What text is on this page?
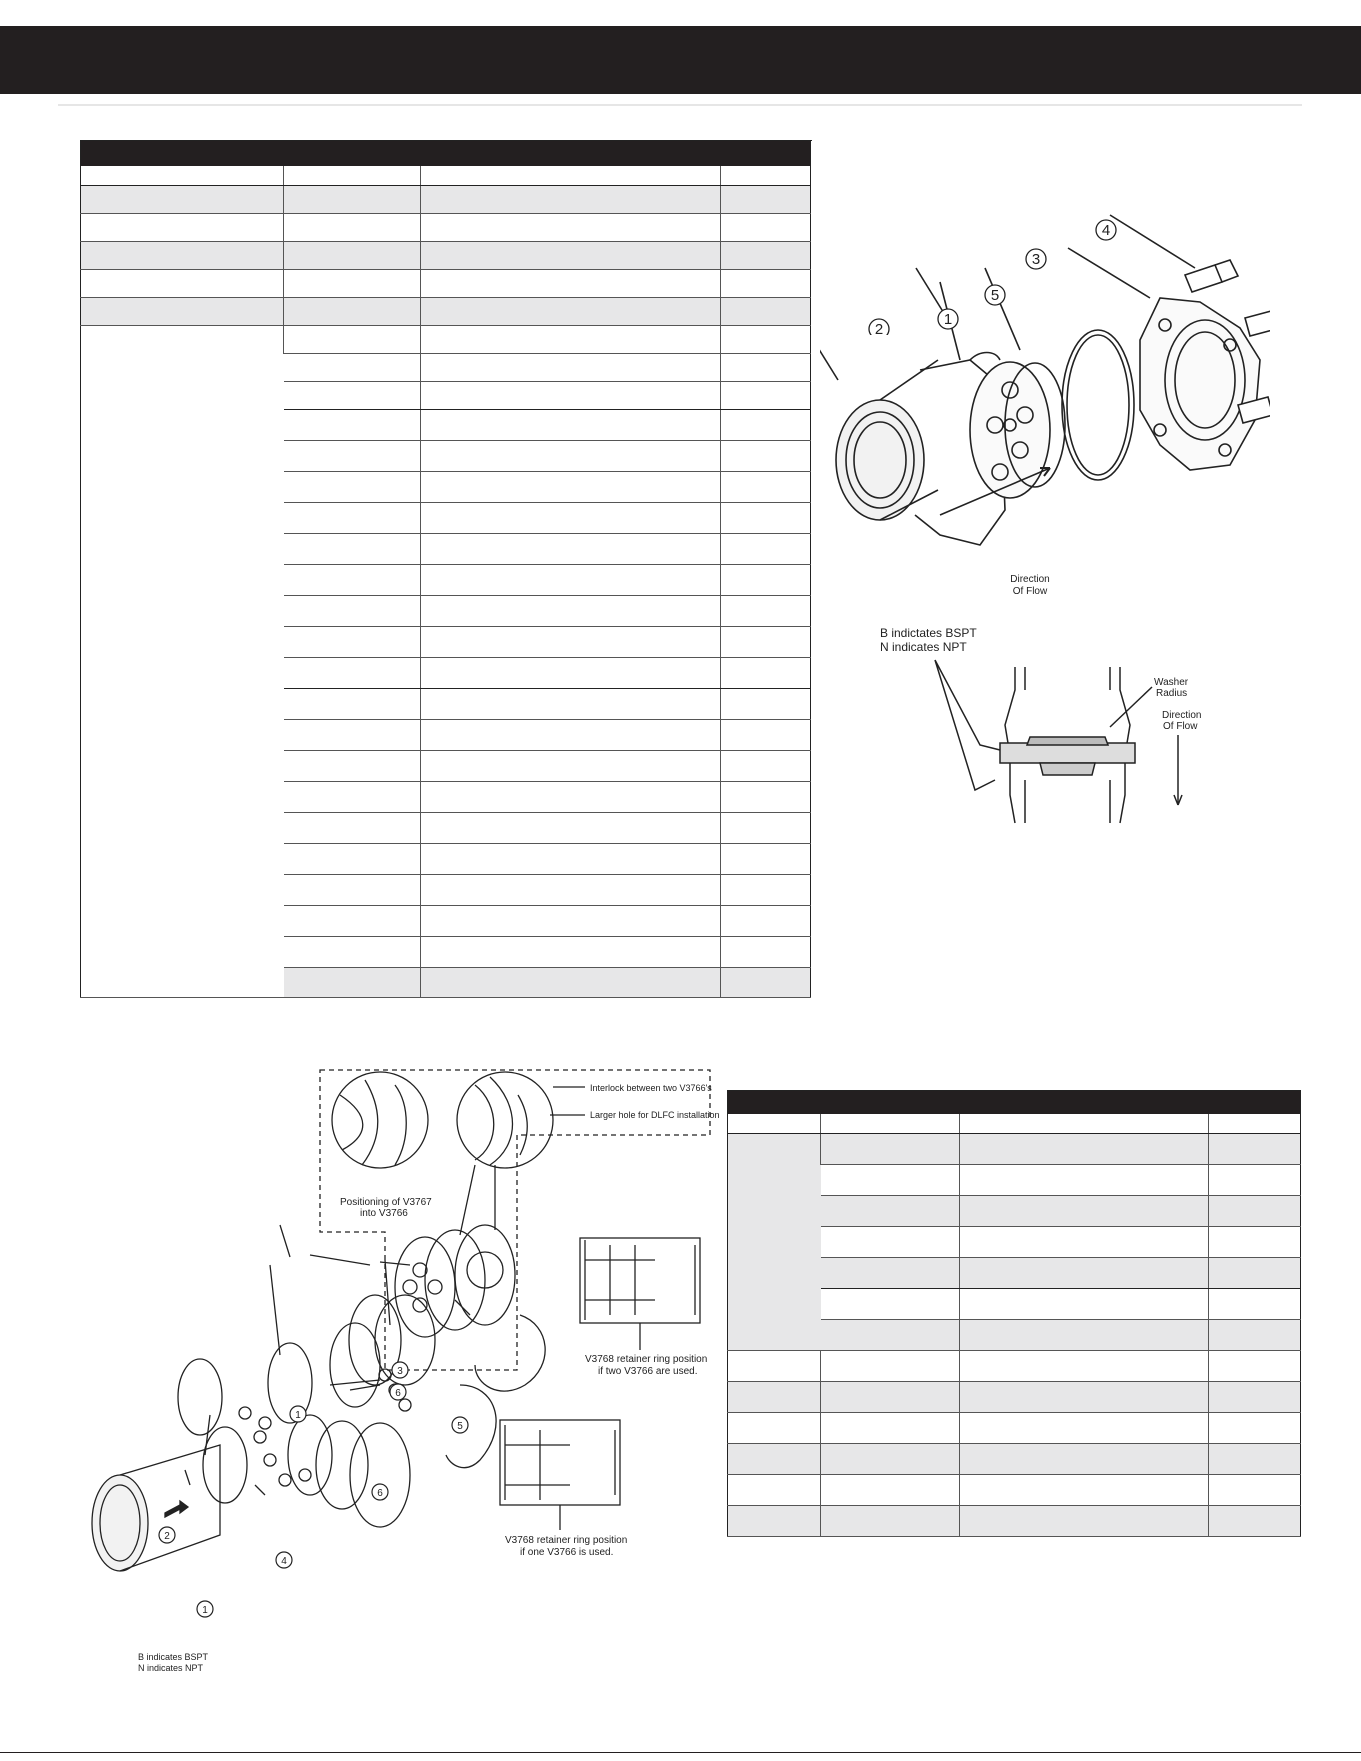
2
1
5
3
4
Direction
Of Flow
B indictates BSPT
N indicates NPT
Washer
Radius
Direction
Of Flow
Interlock between two V3766's
Larger hole for DLFC installation
Positioning of V3767
into V3766
V3768 retainer ring position
if two V3766 are used.
V3768 retainer ring position
if one V3766 is used.
B indicates BSPT
N indicates NPT
1
6
4
2
1
6
5
3
